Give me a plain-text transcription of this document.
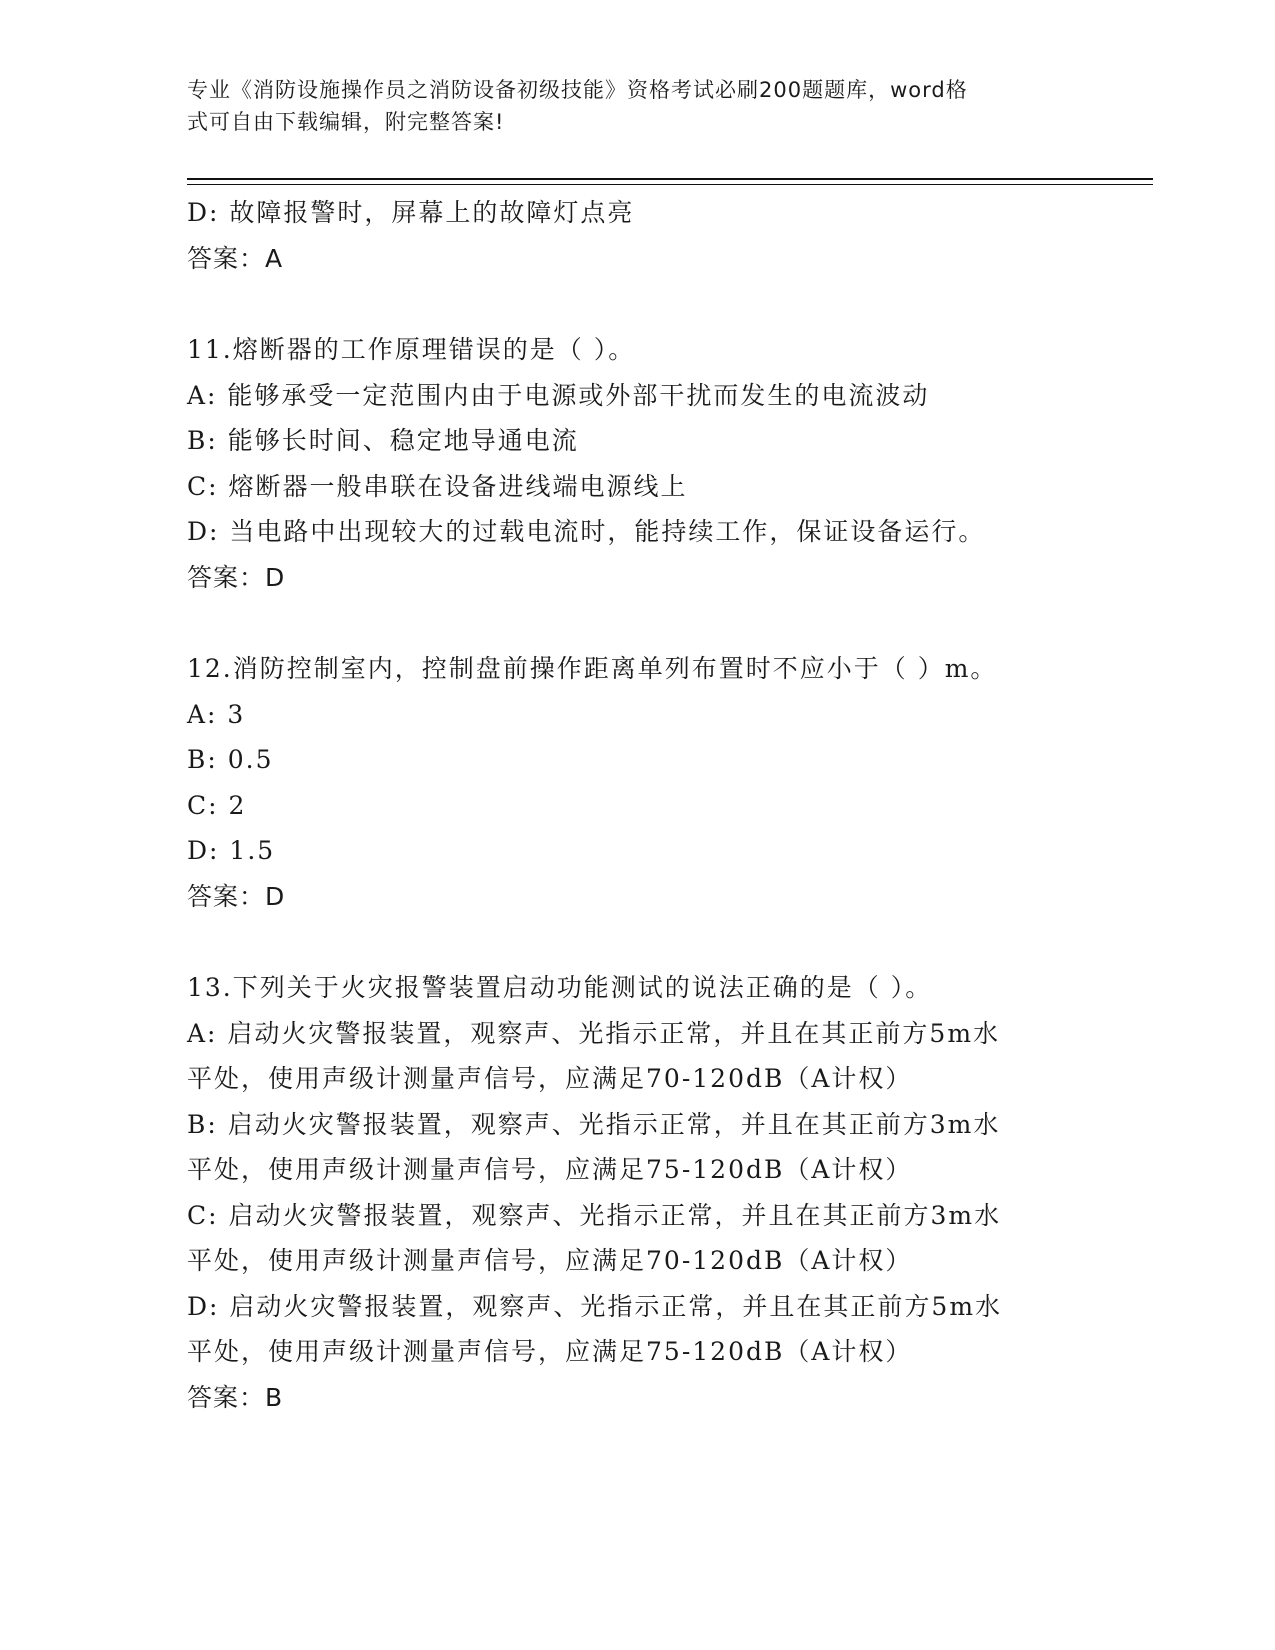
专业《消防设施操作员之消防设备初级技能》资格考试必刷200题题库，word格
式可自由下载编辑，附完整答案!
D: 故障报警时，屏幕上的故障灯点亮
答案：A
11.熔断器的工作原理错误的是（ ）。
A: 能够承受一定范围内由于电源或外部干扰而发生的电流波动
B: 能够长时间、稳定地导通电流
C: 熔断器一般串联在设备进线端电源线上
D: 当电路中出现较大的过载电流时，能持续工作，保证设备运行。
答案：D
12.消防控制室内，控制盘前操作距离单列布置时不应小于（ ）m。
A: 3
B: 0.5
C: 2
D: 1.5
答案：D
13.下列关于火灾报警装置启动功能测试的说法正确的是（ ）。
A: 启动火灾警报装置，观察声、光指示正常，并且在其正前方5m水
平处，使用声级计测量声信号，应满足70-120dB（A计权）
B: 启动火灾警报装置，观察声、光指示正常，并且在其正前方3m水
平处，使用声级计测量声信号，应满足75-120dB（A计权）
C: 启动火灾警报装置，观察声、光指示正常，并且在其正前方3m水
平处，使用声级计测量声信号，应满足70-120dB（A计权）
D: 启动火灾警报装置，观察声、光指示正常，并且在其正前方5m水
平处，使用声级计测量声信号，应满足75-120dB（A计权）
答案：B
